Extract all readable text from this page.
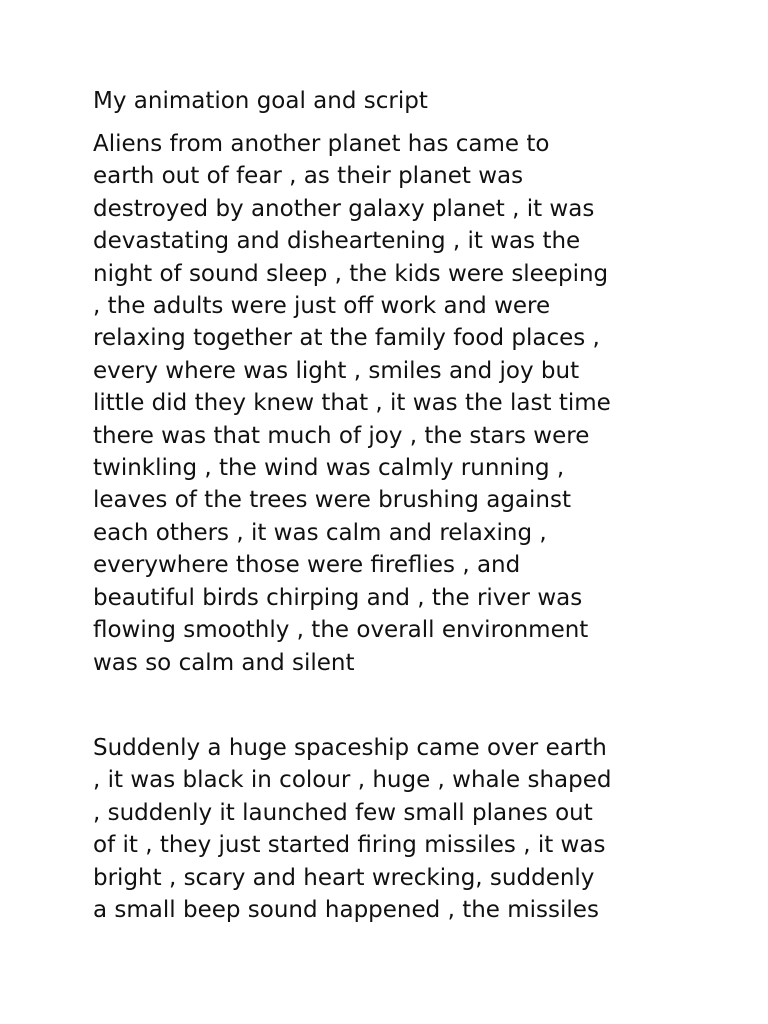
My animation goal and script

Aliens from another planet has came to
earth out of fear , as their planet was
destroyed by another galaxy planet , it was
devastating and disheartening , it was the
night of sound sleep , the kids were sleeping
, the adults were just off work and were
relaxing together at the family food places ,
every where was light , smiles and joy but
little did they knew that , it was the last time
there was that much of joy , the stars were
twinkling , the wind was calmly running ,
leaves of the trees were brushing against
each others , it was calm and relaxing ,
everywhere those were fireflies , and
beautiful birds chirping and , the river was
flowing smoothly , the overall environment
was so calm and silent

Suddenly a huge spaceship came over earth
, it was black in colour , huge , whale shaped
, suddenly it launched few small planes out
of it , they just started firing missiles , it was
bright , scary and heart wrecking, suddenly
a small beep sound happened , the missiles
